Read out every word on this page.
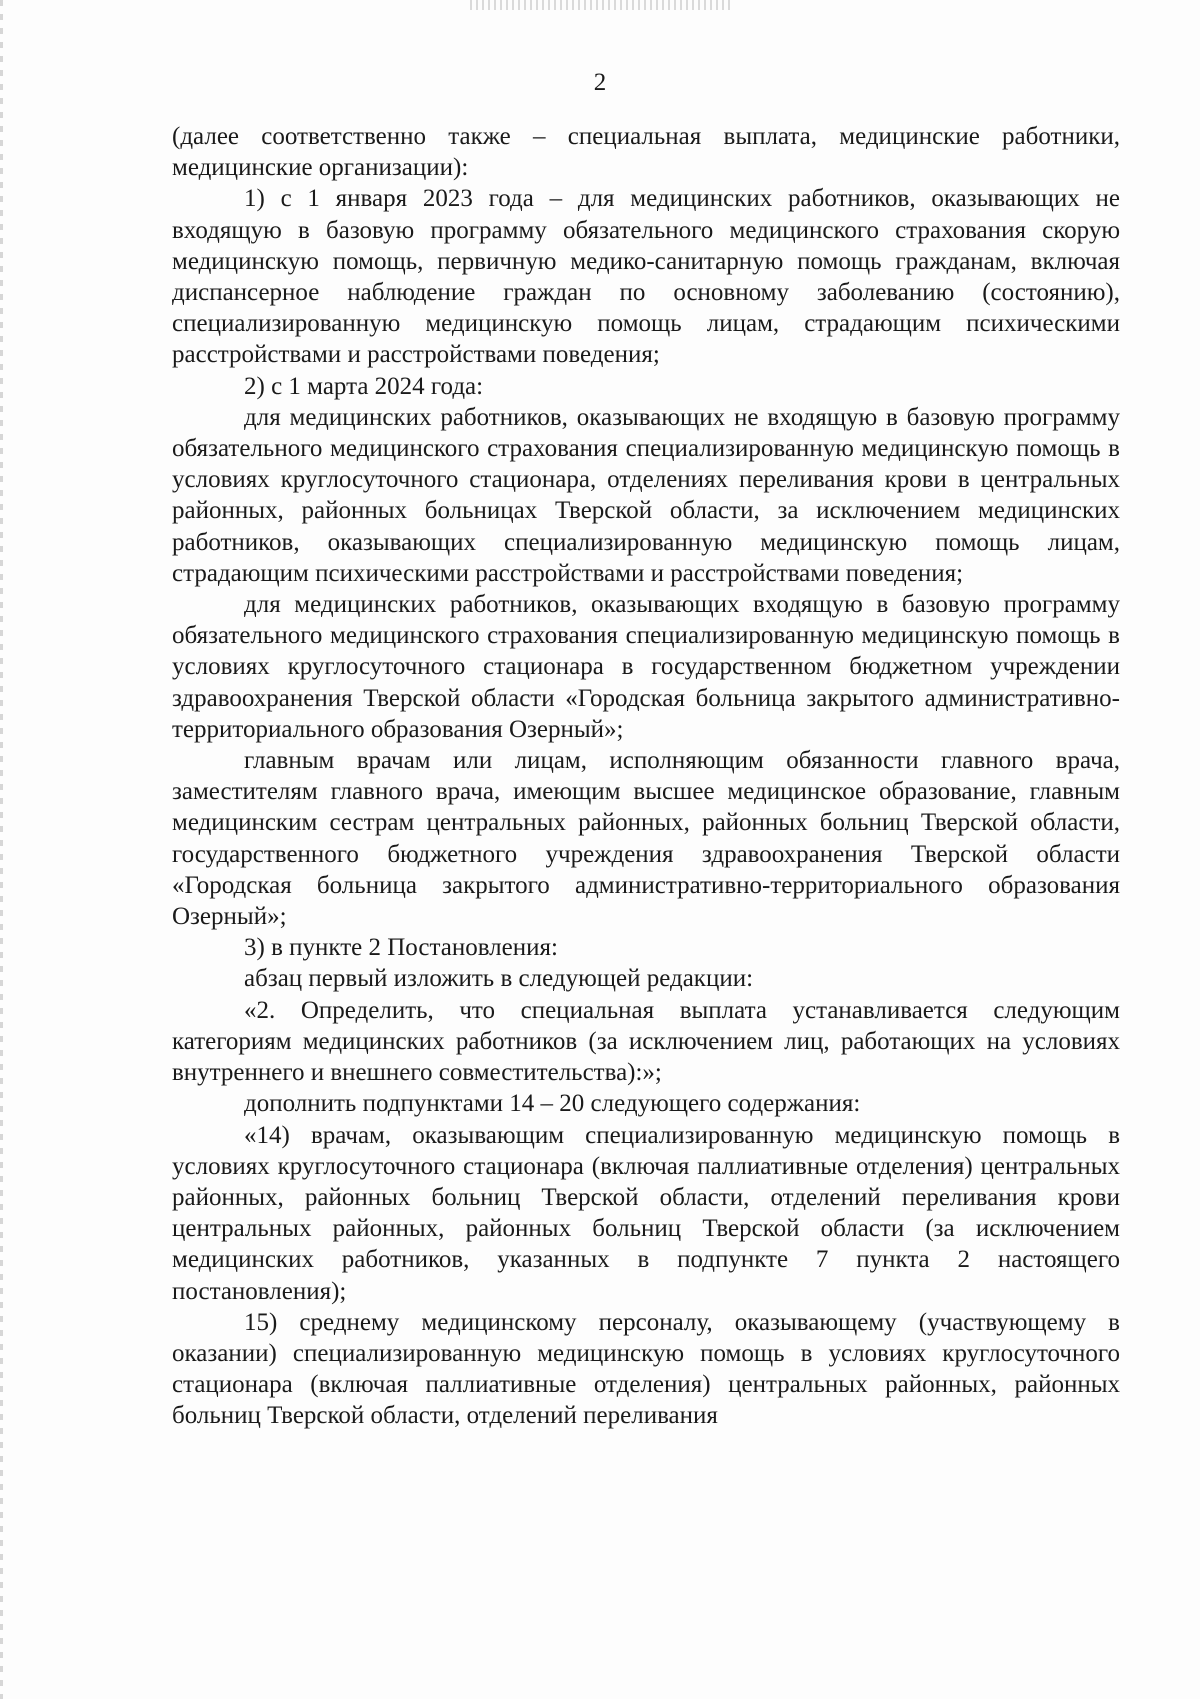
2

(далее соответственно также – специальная выплата, медицинские работники, медицинские организации):

1) с 1 января 2023 года – для медицинских работников, оказывающих не входящую в базовую программу обязательного медицинского страхования скорую медицинскую помощь, первичную медико-санитарную помощь гражданам, включая диспансерное наблюдение граждан по основному заболеванию (состоянию), специализированную медицинскую помощь лицам, страдающим психическими расстройствами и расстройствами поведения;

2) с 1 марта 2024 года:

для медицинских работников, оказывающих не входящую в базовую программу обязательного медицинского страхования специализированную медицинскую помощь в условиях круглосуточного стационара, отделениях переливания крови в центральных районных, районных больницах Тверской области, за исключением медицинских работников, оказывающих специализированную медицинскую помощь лицам, страдающим психическими расстройствами и расстройствами поведения;

для медицинских работников, оказывающих входящую в базовую программу обязательного медицинского страхования специализированную медицинскую помощь в условиях круглосуточного стационара в государственном бюджетном учреждении здравоохранения Тверской области «Городская больница закрытого административно-территориального образования Озерный»;

главным врачам или лицам, исполняющим обязанности главного врача, заместителям главного врача, имеющим высшее медицинское образование, главным медицинским сестрам центральных районных, районных больниц Тверской области, государственного бюджетного учреждения здравоохранения Тверской области «Городская больница закрытого административно-территориального образования Озерный»;

3) в пункте 2 Постановления:

абзац первый изложить в следующей редакции:

«2. Определить, что специальная выплата устанавливается следующим категориям медицинских работников (за исключением лиц, работающих на условиях внутреннего и внешнего совместительства):»;

дополнить подпунктами 14 – 20 следующего содержания:

«14) врачам, оказывающим специализированную медицинскую помощь в условиях круглосуточного стационара (включая паллиативные отделения) центральных районных, районных больниц Тверской области, отделений переливания крови центральных районных, районных больниц Тверской области (за исключением медицинских работников, указанных в подпункте 7 пункта 2 настоящего постановления);

15) среднему медицинскому персоналу, оказывающему (участвующему в оказании) специализированную медицинскую помощь в условиях круглосуточного стационара (включая паллиативные отделения) центральных районных, районных больниц Тверской области, отделений переливания
